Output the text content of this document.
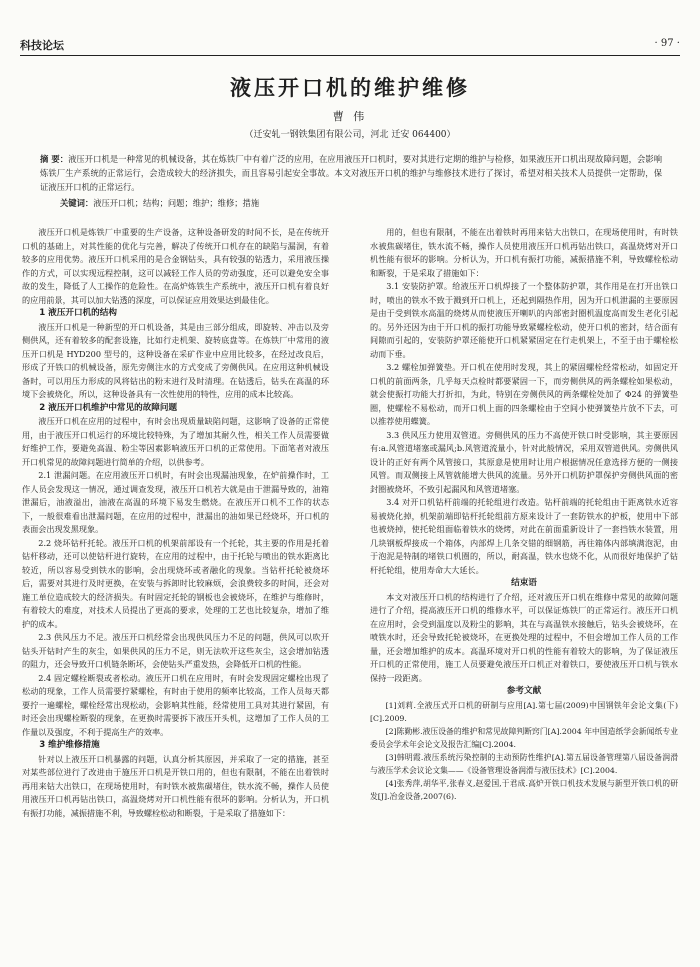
科技论坛	· 97 ·
液压开口机的维护维修
曹 伟
（迁安轧一钢铁集团有限公司，河北 迁安 064400）
摘 要：液压开口机是一种常见的机械设备，其在炼铁厂中有着广泛的应用，在应用液压开口机时，要对其进行定期的维护与检修，如果液压开口机出现故障问题，会影响炼铁厂生产系统的正常运行，会造成较大的经济损失，而且容易引起安全事故。本文对液压开口机的维护与维修技术进行了探讨，希望对相关技术人员提供一定帮助，保证液压开口机的正常运行。
关键词：液压开口机；结构；问题；维护；维修；措施

液压开口机是炼铁厂中重要的生产设备，这种设备研发的时间不长，是在传统开口机的基础上，对其性能的优化与完善，解决了传统开口机存在的缺陷与漏洞，有着较多的应用优势。液压开口机采用的是合金钢钻头，具有较强的钻透力，采用液压操作的方式，可以实现远程控制，这可以减轻工作人员的劳动强度，还可以避免安全事故的发生，降低了人工操作的危险性。在高炉炼铁生产系统中，液压开口机有着良好的应用前景，其可以加大钻透的深度，可以保证应用效果达到最佳化。

1 液压开口机的结构

液压开口机是一种新型的开口机设备，其是由三部分组成，即旋转、冲击以及旁侧供风，还有着较多的配套设施，比如行走机架、旋转底盘等。在炼铁厂中常用的液压开口机是 HYD200 型号的，这种设备在采矿作业中应用比较多，在经过改良后，形成了开铁口的机械设备，原先旁侧注水的方式变成了旁侧供风。在应用这种机械设备时，可以用压力形成的风将钻出的粉末进行及时清理。在钻透后，钻头在高温的环境下会被烧化，所以，这种设备具有一次性使用的特性，应用的成本比较高。

2 液压开口机维护中常见的故障问题

液压开口机在应用的过程中，有时会出现质量缺陷问题，这影响了设备的正常使用，由于液压开口机运行的环境比较特殊，为了增加其耐久性，相关工作人员需要做好维护工作，要避免高温、粉尘等因素影响液压开口机的正常使用。下面笔者对液压开口机常见的故障问题进行简单的介绍，以供参考。

2.1 泄漏问题。在应用液压开口机时，有时会出现漏油现象，在炉前操作时，工作人员会发现这一情况，通过调查发现，液压开口机若大就是由于泄漏导致的，油箱泄漏后，油液溢出，油液在高温的环境下易发生燃烧。在液压开口机不工作的状态下，一般很难看出泄漏问题，在应用的过程中，泄漏出的油如果已经烧坏，开口机的表面会出现发黑现象。

2.2 烧坏钻杆托轮。液压开口机的机架前部设有一个托轮，其主要的作用是托着钻杆移动，还可以使钻杆进行旋转，在应用的过程中，由于托轮与喷出的铁水距离比较近，所以容易受到铁水的影响，会出现烧坏或者融化的现象。当钻杆托轮被烧坏后，需要对其进行及时更换，在安装与拆卸时比较麻烦，会浪费较多的时间，还会对施工单位造成较大的经济损失。有时固定托轮的钢板也会被烧坏，在维护与维修时，有着较大的难度，对技术人员提出了更高的要求，处理的工艺也比较复杂，增加了维护的成本。

2.3 供风压力不足。液压开口机经常会出现供风压力不足的问题，供风可以吹开钻头开钻时产生的灰尘，如果供风的压力不足，则无法吹开这些灰尘，这会增加钻透的阻力，还会导致开口机链条断坏，会使钻头严重发热，会降低开口机的性能。

2.4 固定螺栓断裂或者松动。液压开口机在应用时，有时会发现固定螺栓出现了松动的现象，工作人员需要拧紧螺栓，有时由于使用的频率比较高，工作人员每天都要拧一遍螺栓，螺栓经常出现松动，会影响其性能，经常使用工具对其进行紧固，有时还会出现螺栓断裂的现象，在更换时需要拆下液压开头机，这增加了工作人员的工作量以及强度，不利于提高生产的效率。

3 维护维修措施

针对以上液压开口机暴露的问题，认真分析其原因，并采取了一定的措施，甚至对某些部位进行了改进由于施压开口机是开铁口用的，但也有限制，不能在出着铁时再用来钻大出铁口，在现场使用时，有时铁水被焦碳堵住，铁水流不畅，操作人员使用液压开口机再钻出铁口，高温烧烤对开口机性能有很坏的影响。分析认为，开口机有振打功能，减振措施不利，导致螺栓松动和断裂，于是采取了措施如下：

用的，但也有限制，不能在出着铁时再用来钻大出铁口，在现场使用时，有时铁水被焦碳堵住，铁水流不畅，操作人员使用液压开口机再钻出铁口，高温烧烤对开口机性能有很坏的影响。分析认为，开口机有振打功能，减振措施不利，导致螺栓松动和断裂，于是采取了措施如下：

3.1 安装防护罩。给液压开口机焊接了一个整体防护罩，其作用是在打开出铁口时，喷出的铁水不致于溅到开口机上，还起到隔热作用，因为开口机泄漏的主要原因是由于受到铁水高温的烧烤从而使液压开喇叭的内部密封圈机温度高而发生老化引起的。另外还因为由于开口机的振打功能导致紧螺栓松动，使开口机的密封，结合面有间隙而引起的，安装防护罩还能使开口机紧紧固定在行走机架上，不至于由于螺栓松动而下垂。

3.2 螺栓加弹簧垫。开口机在使用时发现，其上的紧固螺栓经常松动，如固定开口机的前面两条，几乎每天点检时都要紧固一下，而旁侧供风的两条螺栓如果松动，就会使振打功能大打折扣，为此，特别在旁侧供风的两条螺栓处加了 Φ24 的弹簧垫圈，使螺栓不易松动，而开口机上面的四条螺栓由于空间小使弹簧垫片放不下去，可以推荐使用蝶簧。

3.3 供风压力使用双管道。旁侧供风的压力不高使开铁口时受影响，其主要原因有:a.风管道堵塞或漏风;b.风管道流量小，针对此般情况，采用双管道供风。旁侧供风设计的正好有两个风管接口，其原意是使用时让用户根据情况任意选择方便的一侧接风管。而双侧接上风管就能增大供风的流量。另外开口机防护罩保护旁侧供风面的密封圈被烧坏，不致引起漏风和风管道堵塞。

3.4 对开口机钻杆前端的托轮组进行改造。钻杆前端的托轮组由于距离铁水近容易被烧化掉，机架前端即钻杆托轮组前方原来设计了一套防铁水的护板，使用中下部也被烧掉，使托轮组面临着铁水的烧烤，对此在前面重新设计了一套挡铁水装置，用几块钢板焊接成一个箱体，内部焊上几条交错的细钢筋，再往箱体内部填满泡泥，由于泡泥是特制的堵铁口机圈的，所以，耐高温，铁水也烧不化，从而很好地保护了钻杆托轮组，使用寿命大大延长。

结束语

本文对液压开口机的结构进行了介绍，还对液压开口机在维修中常见的故障问题进行了介绍，提高液压开口机的维修水平，可以保证炼铁厂的正常运行。液压开口机在应用时，会受到温度以及粉尘的影响，其在与高温铁水接触后，钻头会被烧坏，在喷铁水时，还会导致托轮被烧坏，在更换处理的过程中，不但会增加工作人员的工作量，还会增加维护的成本。高温环境对开口机的性能有着较大的影响，为了保证液压开口机的正常使用，施工人员要避免液压开口机正对着铁口，要使液压开口机与铁水保持一段距离。

参考文献

[1]刘莉.全液压式开口机的研制与应用[A].第七届(2009)中国钢铁年会论文集(下)[C].2009.

[2]陈勤彬.液压设备的维护和常见故障判断窍门[A].2004 年中国造纸学会新闻纸专业委员会学术年会论文及报告汇编[C].2004.

[3]韩明霞.液压系统污染控制的主动预防性维护[A].第五届设备管理第八届设备润滑与液压学术会议论文集——《设备管理设备润滑与液压技术》[C].2004.

[4]张秀萍,胡华平,张春义,赵爱国,于君成.高炉开铁口机技术发展与新型开铁口机的研发[J].冶金设备,2007(6).
